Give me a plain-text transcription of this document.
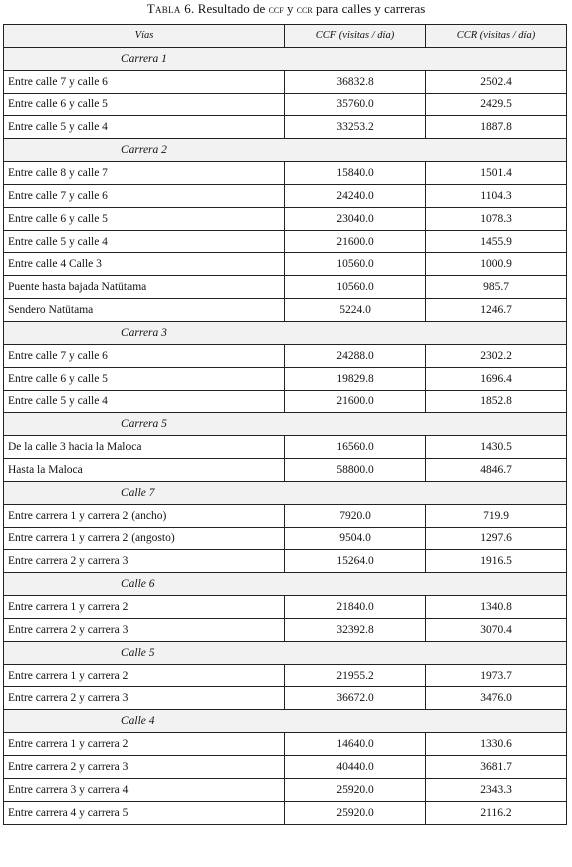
Tabla 6. Resultado de ccf y ccr para calles y carreras
Vías	CCF (visitas / día)	CCR (visitas / día)
Carrera 1		
Entre calle 7 y calle 6	36832.8	2502.4
Entre calle 6 y calle 5	35760.0	2429.5
Entre calle 5 y calle 4	33253.2	1887.8
Carrera 2		
Entre calle 8 y calle 7	15840.0	1501.4
Entre calle 7 y calle 6	24240.0	1104.3
Entre calle 6 y calle 5	23040.0	1078.3
Entre calle 5 y calle 4	21600.0	1455.9
Entre calle 4 Calle 3	10560.0	1000.9
Puente hasta bajada Natütama	10560.0	985.7
Sendero Natütama	5224.0	1246.7
Carrera 3		
Entre calle 7 y calle 6	24288.0	2302.2
Entre calle 6 y calle 5	19829.8	1696.4
Entre calle 5 y calle 4	21600.0	1852.8
Carrera 5		
De la calle 3 hacia la Maloca	16560.0	1430.5
Hasta la Maloca	58800.0	4846.7
Calle 7		
Entre carrera 1 y carrera 2 (ancho)	7920.0	719.9
Entre carrera 1 y carrera 2 (angosto)	9504.0	1297.6
Entre carrera 2 y carrera 3	15264.0	1916.5
Calle 6		
Entre carrera 1 y carrera 2	21840.0	1340.8
Entre carrera 2 y carrera 3	32392.8	3070.4
Calle 5		
Entre carrera 1 y carrera 2	21955.2	1973.7
Entre carrera 2 y carrera 3	36672.0	3476.0
Calle 4		
Entre carrera 1 y carrera 2	14640.0	1330.6
Entre carrera 2 y carrera 3	40440.0	3681.7
Entre carrera 3 y carrera 4	25920.0	2343.3
Entre carrera 4 y carrera 5	25920.0	2116.2
